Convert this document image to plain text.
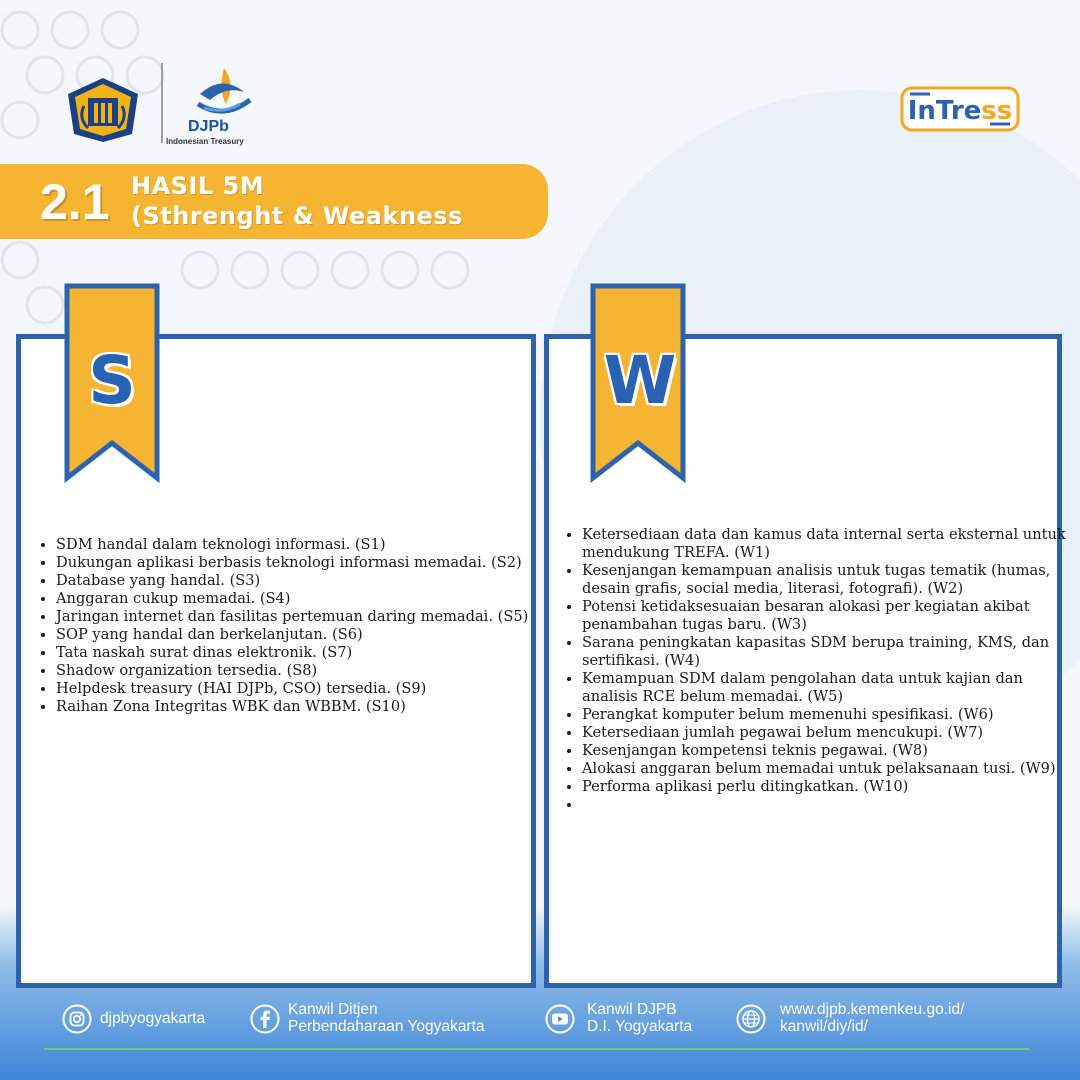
DJPb
Indonesian Treasury
InTress
2.1 HASIL 5M
(Sthrenght & Weakness
S
• SDM handal dalam teknologi informasi. (S1)
• Dukungan aplikasi berbasis teknologi informasi memadai. (S2)
• Database yang handal. (S3)
• Anggaran cukup memadai. (S4)
• Jaringan internet dan fasilitas pertemuan daring memadai. (S5)
• SOP yang handal dan berkelanjutan. (S6)
• Tata naskah surat dinas elektronik. (S7)
• Shadow organization tersedia. (S8)
• Helpdesk treasury (HAI DJPb, CSO) tersedia. (S9)
• Raihan Zona Integritas WBK dan WBBM. (S10)
W
• Ketersediaan data dan kamus data internal serta eksternal untuk mendukung TREFA. (W1)
• Kesenjangan kemampuan analisis untuk tugas tematik (humas, desain grafis, social media, literasi, fotografi). (W2)
• Potensi ketidaksesuaian besaran alokasi per kegiatan akibat penambahan tugas baru. (W3)
• Sarana peningkatan kapasitas SDM berupa training, KMS, dan sertifikasi. (W4)
• Kemampuan SDM dalam pengolahan data untuk kajian dan analisis RCE belum memadai. (W5)
• Perangkat komputer belum memenuhi spesifikasi. (W6)
• Ketersediaan jumlah pegawai belum mencukupi. (W7)
• Kesenjangan kompetensi teknis pegawai. (W8)
• Alokasi anggaran belum memadai untuk pelaksanaan tusi. (W9)
• Performa aplikasi perlu ditingkatkan. (W10)
•
djpbyogyakarta
Kanwil Ditjen
Perbendaharaan Yogyakarta
Kanwil DJPB
D.I. Yogyakarta
www.djpb.kemenkeu.go.id/
kanwil/diy/id/
